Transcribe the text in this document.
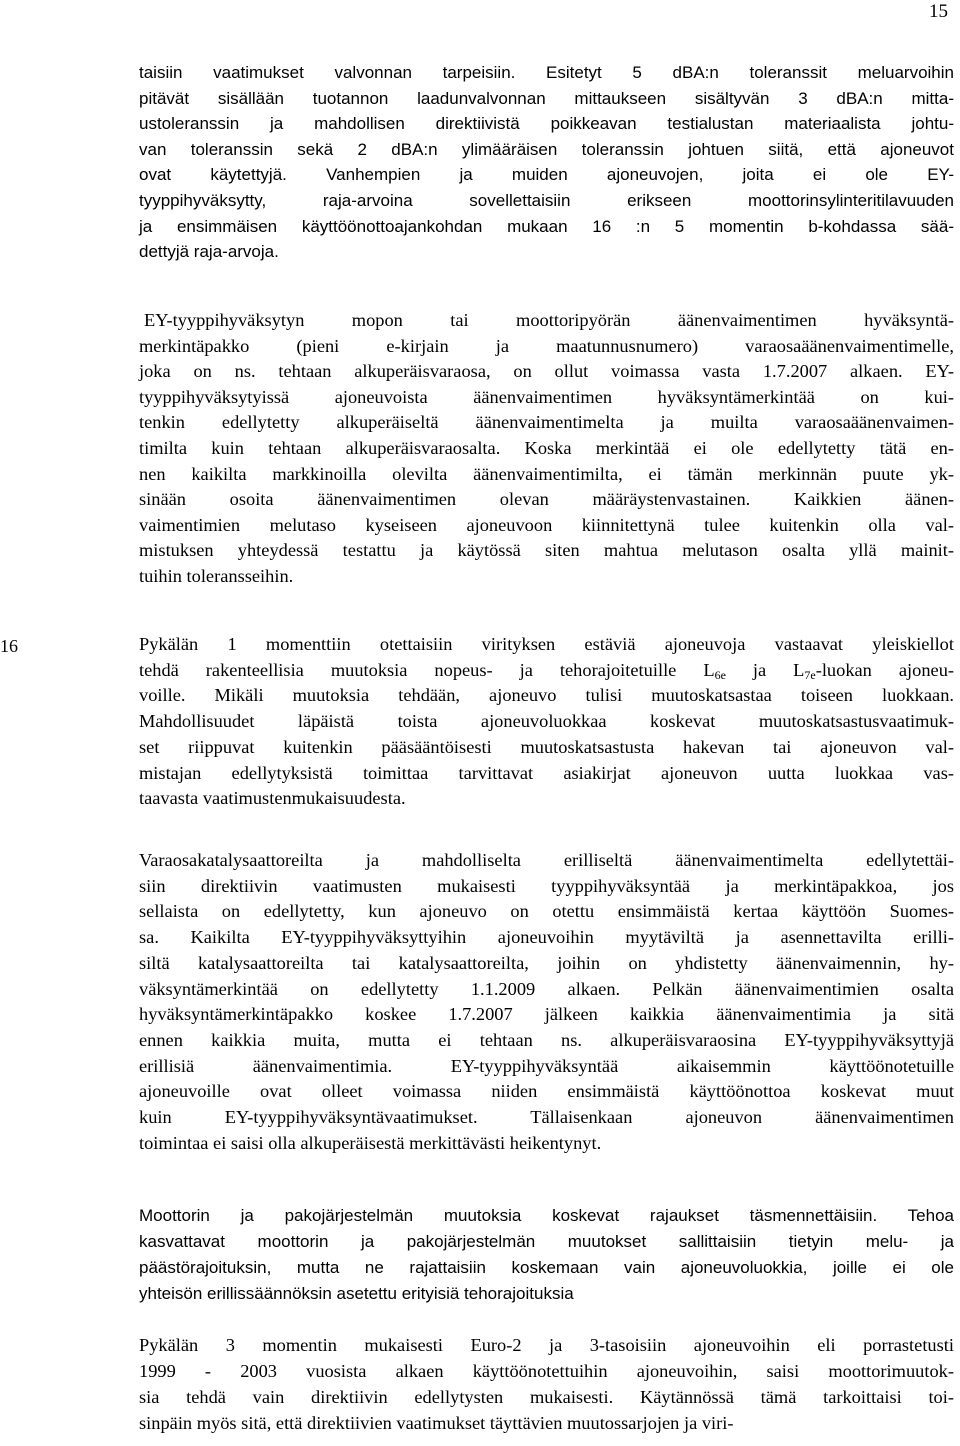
15
16
taisiin vaatimukset valvonnan tarpeisiin. Esitetyt 5 dBA:n toleranssit meluarvoihin
pitävät sisällään tuotannon laadunvalvonnan mittaukseen sisältyvän 3 dBA:n mitta-
ustoleranssin ja mahdollisen direktiivistä poikkeavan testialustan materiaalista johtu-
van toleranssin sekä 2 dBA:n ylimääräisen toleranssin johtuen siitä, että ajoneuvot
ovat käytettyjä. Vanhempien ja muiden ajoneuvojen, joita ei ole EY-
tyyppihyväksytty, raja-arvoina sovellettaisiin erikseen moottorinsylinteritilavuuden
ja ensimmäisen käyttöönottoajankohdan mukaan 16 :n 5 momentin b-kohdassa sää-
dettyjä raja-arvoja.
EY-tyyppihyväksytyn mopon tai moottoripyörän äänenvaimentimen hyväksyntä-
merkintäpakko (pieni e-kirjain ja maatunnusnumero) varaosaäänenvaimentimelle,
joka on ns. tehtaan alkuperäisvaraosa, on ollut voimassa vasta 1.7.2007 alkaen. EY-
tyyppihyväksytyissä ajoneuvoista äänenvaimentimen hyväksyntämerkintää on kui-
tenkin edellytetty alkuperäiseltä äänenvaimentimelta ja muilta varaosaäänenvaimen-
timilta kuin tehtaan alkuperäisvaraosalta. Koska merkintää ei ole edellytetty tätä en-
nen kaikilta markkinoilla olevilta äänenvaimentimilta, ei tämän merkinnän puute yk-
sinään osoita äänenvaimentimen olevan määräystenvastainen. Kaikkien äänen-
vaimentimien melutaso kyseiseen ajoneuvoon kiinnitettynä tulee kuitenkin olla val-
mistuksen yhteydessä testattu ja käytössä siten mahtua melutason osalta yllä mainit-
tuihin toleransseihin.
Pykälän 1 momenttiin otettaisiin virityksen estäviä ajoneuvoja vastaavat yleiskiellot
tehdä rakenteellisia muutoksia nopeus- ja tehorajoitetuille $L_{6e}$ ja $L_{7e}$-luokan ajoneu-
voille. Mikäli muutoksia tehdään, ajoneuvo tulisi muutoskatsastaa toiseen luokkaan.
Mahdollisuudet läpäistä toista ajoneuvoluokkaa koskevat muutoskatsastusvaatimuk-
set riippuvat kuitenkin pääsääntöisesti muutoskatsastusta hakevan tai ajoneuvon val-
mistajan edellytyksistä toimittaa tarvittavat asiakirjat ajoneuvon uutta luokkaa vas-
taavasta vaatimustenmukaisuudesta.
Varaosakatalysaattoreilta ja mahdolliselta erilliseltä äänenvaimentimelta edellytettäi-
siin direktiivin vaatimusten mukaisesti tyyppihyväksyntää ja merkintäpakkoa, jos
sellaista on edellytetty, kun ajoneuvo on otettu ensimmäistä kertaa käyttöön Suomes-
sa. Kaikilta EY-tyyppihyväksyttyihin ajoneuvoihin myytäviltä ja asennettavilta erilli-
siltä katalysaattoreilta tai katalysaattoreilta, joihin on yhdistetty äänenvaimennin, hy-
väksyntämerkintää on edellytetty 1.1.2009 alkaen. Pelkän äänenvaimentimien osalta
hyväksyntämerkintäpakko koskee 1.7.2007 jälkeen kaikkia äänenvaimentimia ja sitä
ennen kaikkia muita, mutta ei tehtaan ns. alkuperäisvaraosina EY-tyyppihyväksyttyjä
erillisiä äänenvaimentimia. EY-tyyppihyväksyntää aikaisemmin käyttöönotetuille
ajoneuvoille ovat olleet voimassa niiden ensimmäistä käyttöönottoa koskevat muut
kuin EY-tyyppihyväksyntävaatimukset. Tällaisenkaan ajoneuvon äänenvaimentimen
toimintaa ei saisi olla alkuperäisestä merkittävästi heikentynyt.
Moottorin ja pakojärjestelmän muutoksia koskevat rajaukset täsmennettäisiin. Tehoa
kasvattavat moottorin ja pakojärjestelmän muutokset sallittaisiin tietyin melu- ja
päästörajoituksin, mutta ne rajattaisiin koskemaan vain ajoneuvoluokkia, joille ei ole
yhteisön erillissäännöksin asetettu erityisiä tehorajoituksia
Pykälän 3 momentin mukaisesti Euro-2 ja 3-tasoisiin ajoneuvoihin eli porrastetusti
1999 - 2003 vuosista alkaen käyttöönotettuihin ajoneuvoihin, saisi moottorimuutok-
sia tehdä vain direktiivin edellytysten mukaisesti. Käytännössä tämä tarkoittaisi toi-
sinpäin myös sitä, että direktiivien vaatimukset täyttävien muutossarjojen ja viri-
